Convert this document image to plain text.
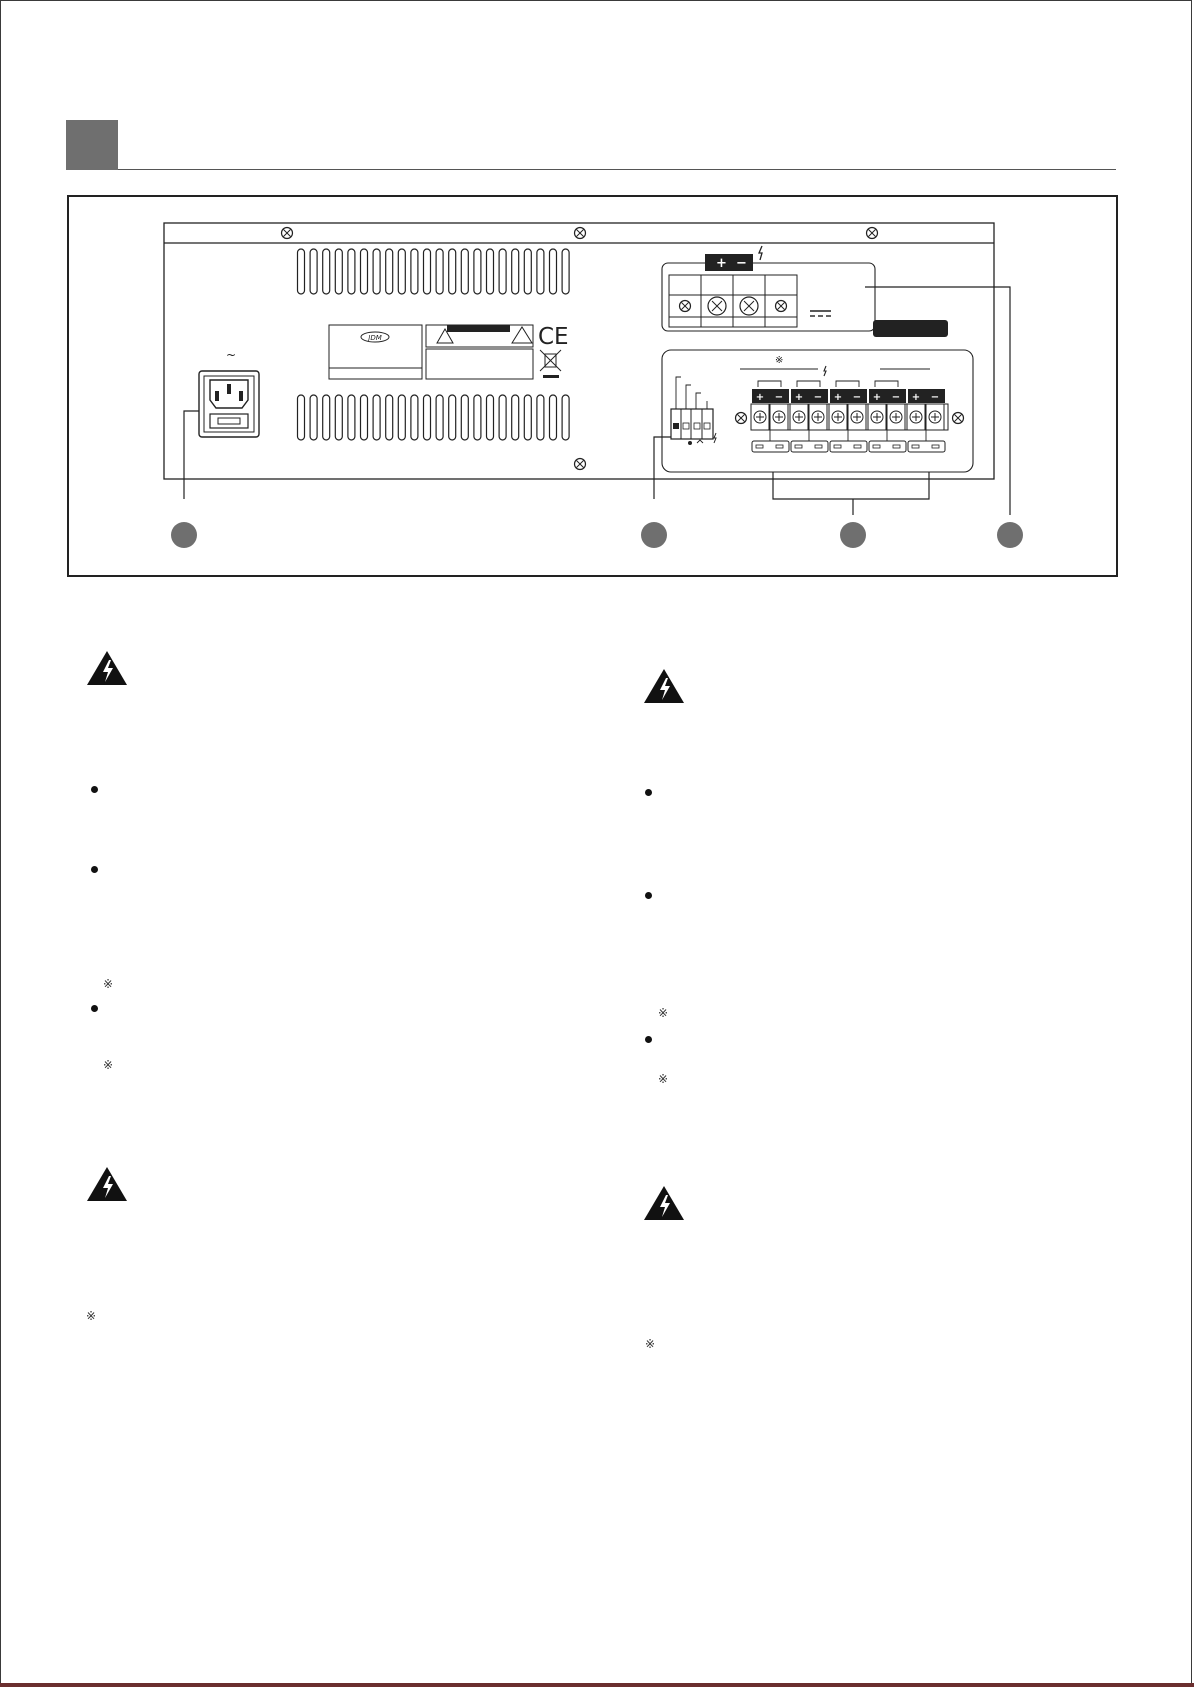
~
JDM	CE
+ −
※
+ − + − + − + − + −
※
※
※
※
※
※
